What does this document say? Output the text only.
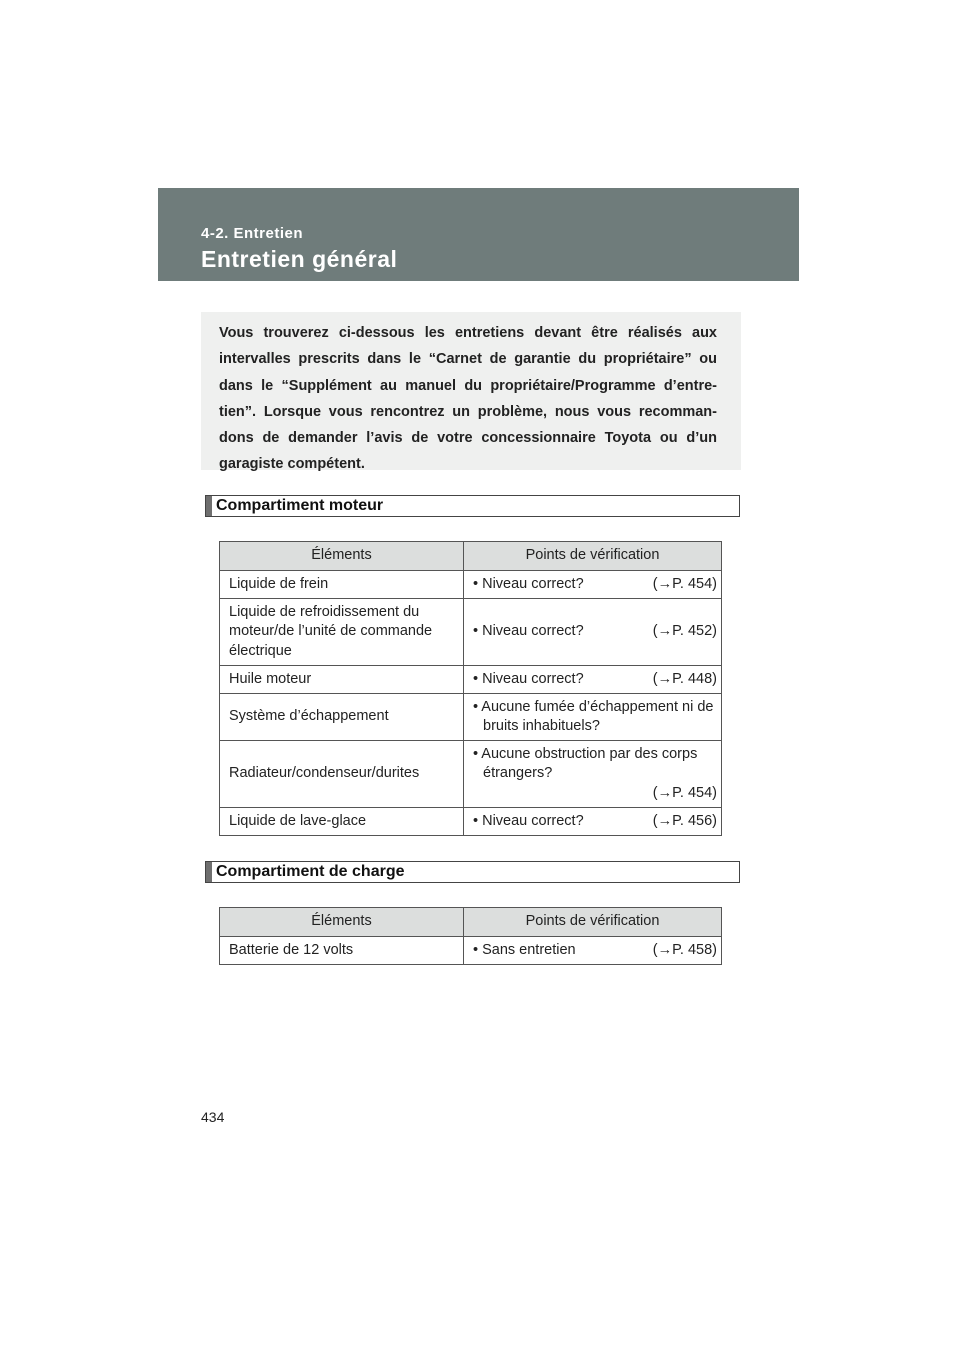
4-2. Entretien
Entretien général

Vous trouverez ci-dessous les entretiens devant être réalisés aux intervalles prescrits dans le “Carnet de garantie du propriétaire” ou dans le “Supplément au manuel du propriétaire/Programme d’entre- tien”. Lorsque vous rencontrez un problème, nous vous recomman- dons de demander l’avis de votre concessionnaire Toyota ou d’un garagiste compétent.

Compartiment moteur
Éléments	Points de vérification
Liquide de frein	• Niveau correct? (→P. 454)

Liquide de refroidissement du moteur/de l’unité de commande électrique	• Niveau correct? (→P. 452)

Huile moteur	• Niveau correct? (→P. 448)

Système d’échappement	• Aucune fumée d’échappement ni de bruits inhabituels?

Radiateur/condenseur/durites	• Aucune obstruction par des corps étrangers?
(→P. 454)

Liquide de lave-glace	• Niveau correct? (→P. 456)
Compartiment de charge
Éléments	Points de vérification
Batterie de 12 volts	• Sans entretien (→P. 458)
434
